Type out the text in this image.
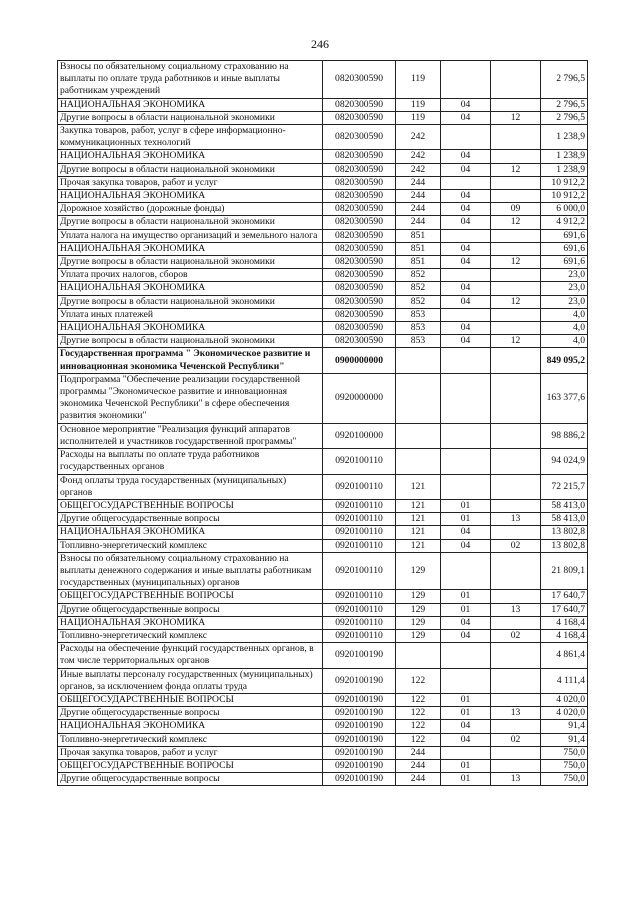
246
Взносы по обязательному социальному страхованию на выплаты по оплате труда работников и иные выплаты работникам учреждений	0820300590	119			2 796,5
НАЦИОНАЛЬНАЯ ЭКОНОМИКА	0820300590	119	04		2 796,5
Другие вопросы в области национальной экономики	0820300590	119	04	12	2 796,5
Закупка товаров, работ, услуг в сфере информационно-коммуникационных технологий	0820300590	242			1 238,9
НАЦИОНАЛЬНАЯ ЭКОНОМИКА	0820300590	242	04		1 238,9
Другие вопросы в области национальной экономики	0820300590	242	04	12	1 238,9
Прочая закупка товаров, работ и услуг	0820300590	244			10 912,2
НАЦИОНАЛЬНАЯ ЭКОНОМИКА	0820300590	244	04		10 912,2
Дорожное хозяйство (дорожные фонды)	0820300590	244	04	09	6 000,0
Другие вопросы в области национальной экономики	0820300590	244	04	12	4 912,2
Уплата налога на имущество организаций и земельного налога	0820300590	851			691,6
НАЦИОНАЛЬНАЯ ЭКОНОМИКА	0820300590	851	04		691,6
Другие вопросы в области национальной экономики	0820300590	851	04	12	691,6
Уплата прочих налогов, сборов	0820300590	852			23,0
НАЦИОНАЛЬНАЯ ЭКОНОМИКА	0820300590	852	04		23,0
Другие вопросы в области национальной экономики	0820300590	852	04	12	23,0
Уплата иных платежей	0820300590	853			4,0
НАЦИОНАЛЬНАЯ ЭКОНОМИКА	0820300590	853	04		4,0
Другие вопросы в области национальной экономики	0820300590	853	04	12	4,0
Государственная программа " Экономическое развитие и инновационная экономика Чеченской Республики"	0900000000				849 095,2
Подпрограмма "Обеспечение реализации государственной программы "Экономическое развитие и инновационная экономика Чеченской Республики" в сфере обеспечения развития экономики"	0920000000				163 377,6
Основное мероприятие "Реализация функций аппаратов исполнителей и участников государственной программы"	0920100000				98 886,2
Расходы на выплаты по оплате труда работников государственных органов	0920100110				94 024,9
Фонд оплаты труда государственных (муниципальных) органов	0920100110	121			72 215,7
ОБЩЕГОСУДАРСТВЕННЫЕ ВОПРОСЫ	0920100110	121	01		58 413,0
Другие общегосударственные вопросы	0920100110	121	01	13	58 413,0
НАЦИОНАЛЬНАЯ ЭКОНОМИКА	0920100110	121	04		13 802,8
Топливно-энергетический комплекс	0920100110	121	04	02	13 802,8
Взносы по обязательному социальному страхованию на выплаты денежного содержания и иные выплаты работникам государственных (муниципальных) органов	0920100110	129			21 809,1
ОБЩЕГОСУДАРСТВЕННЫЕ ВОПРОСЫ	0920100110	129	01		17 640,7
Другие общегосударственные вопросы	0920100110	129	01	13	17 640,7
НАЦИОНАЛЬНАЯ ЭКОНОМИКА	0920100110	129	04		4 168,4
Топливно-энергетический комплекс	0920100110	129	04	02	4 168,4
Расходы на обеспечение функций государственных органов, в том числе территориальных органов	0920100190				4 861,4
Иные выплаты персоналу государственных (муниципальных) органов, за исключением фонда оплаты труда	0920100190	122			4 111,4
ОБЩЕГОСУДАРСТВЕННЫЕ ВОПРОСЫ	0920100190	122	01		4 020,0
Другие общегосударственные вопросы	0920100190	122	01	13	4 020,0
НАЦИОНАЛЬНАЯ ЭКОНОМИКА	0920100190	122	04		91,4
Топливно-энергетический комплекс	0920100190	122	04	02	91,4
Прочая закупка товаров, работ и услуг	0920100190	244			750,0
ОБЩЕГОСУДАРСТВЕННЫЕ ВОПРОСЫ	0920100190	244	01		750,0
Другие общегосударственные вопросы	0920100190	244	01	13	750,0
